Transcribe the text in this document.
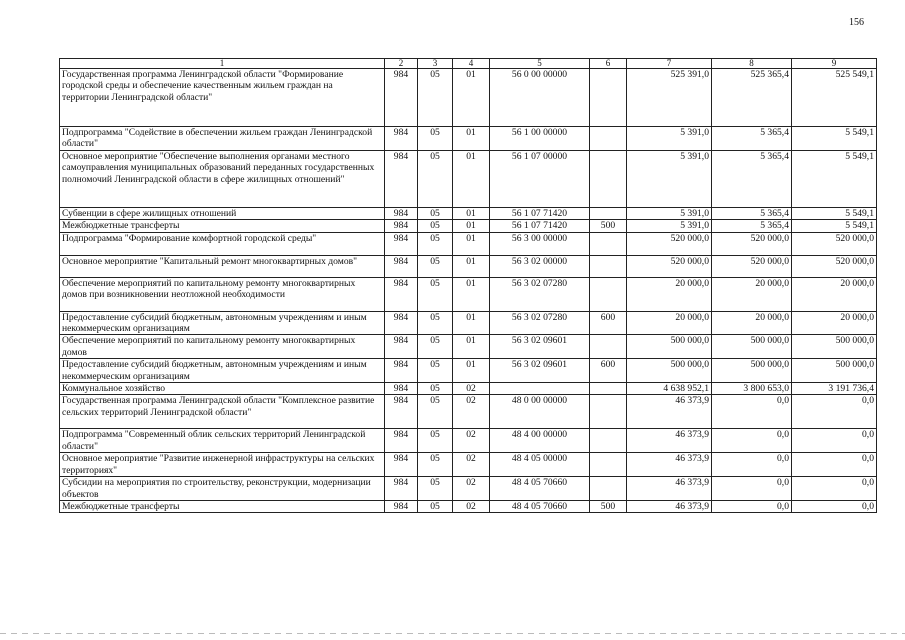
156
1	2	3	4	5	6	7	8	9
Государственная программа Ленинградской области "Формирование городской среды и обеспечение качественным жильем граждан на территории Ленинградской области"	984	05	01	56 0 00 00000		525 391,0	525 365,4	525 549,1
Подпрограмма "Содействие в обеспечении жильем граждан Ленинградской области"	984	05	01	56 1 00 00000		5 391,0	5 365,4	5 549,1
Основное мероприятие "Обеспечение выполнения органами местного самоуправления муниципальных образований переданных государственных полномочий Ленинградской области в сфере жилищных отношений"	984	05	01	56 1 07 00000		5 391,0	5 365,4	5 549,1
Субвенции в сфере жилищных отношений	984	05	01	56 1 07 71420		5 391,0	5 365,4	5 549,1
Межбюджетные трансферты	984	05	01	56 1 07 71420	500	5 391,0	5 365,4	5 549,1
Подпрограмма "Формирование комфортной городской среды"	984	05	01	56 3 00 00000		520 000,0	520 000,0	520 000,0
Основное мероприятие "Капитальный ремонт многоквартирных домов"	984	05	01	56 3 02 00000		520 000,0	520 000,0	520 000,0
Обеспечение мероприятий по капитальному ремонту многоквартирных домов при возникновении неотложной необходимости	984	05	01	56 3 02 07280		20 000,0	20 000,0	20 000,0
Предоставление субсидий бюджетным, автономным учреждениям и иным некоммерческим организациям	984	05	01	56 3 02 07280	600	20 000,0	20 000,0	20 000,0
Обеспечение мероприятий по капитальному ремонту многоквартирных домов	984	05	01	56 3 02 09601		500 000,0	500 000,0	500 000,0
Предоставление субсидий бюджетным, автономным учреждениям и иным некоммерческим организациям	984	05	01	56 3 02 09601	600	500 000,0	500 000,0	500 000,0
Коммунальное хозяйство	984	05	02			4 638 952,1	3 800 653,0	3 191 736,4
Государственная программа Ленинградской области "Комплексное развитие сельских территорий Ленинградской области"	984	05	02	48 0 00 00000		46 373,9	0,0	0,0
Подпрограмма "Современный облик сельских территорий Ленинградской области"	984	05	02	48 4 00 00000		46 373,9	0,0	0,0
Основное мероприятие "Развитие инженерной инфраструктуры на сельских территориях"	984	05	02	48 4 05 00000		46 373,9	0,0	0,0
Субсидии на мероприятия по строительству, реконструкции, модернизации объектов	984	05	02	48 4 05 70660		46 373,9	0,0	0,0
Межбюджетные трансферты	984	05	02	48 4 05 70660	500	46 373,9	0,0	0,0
